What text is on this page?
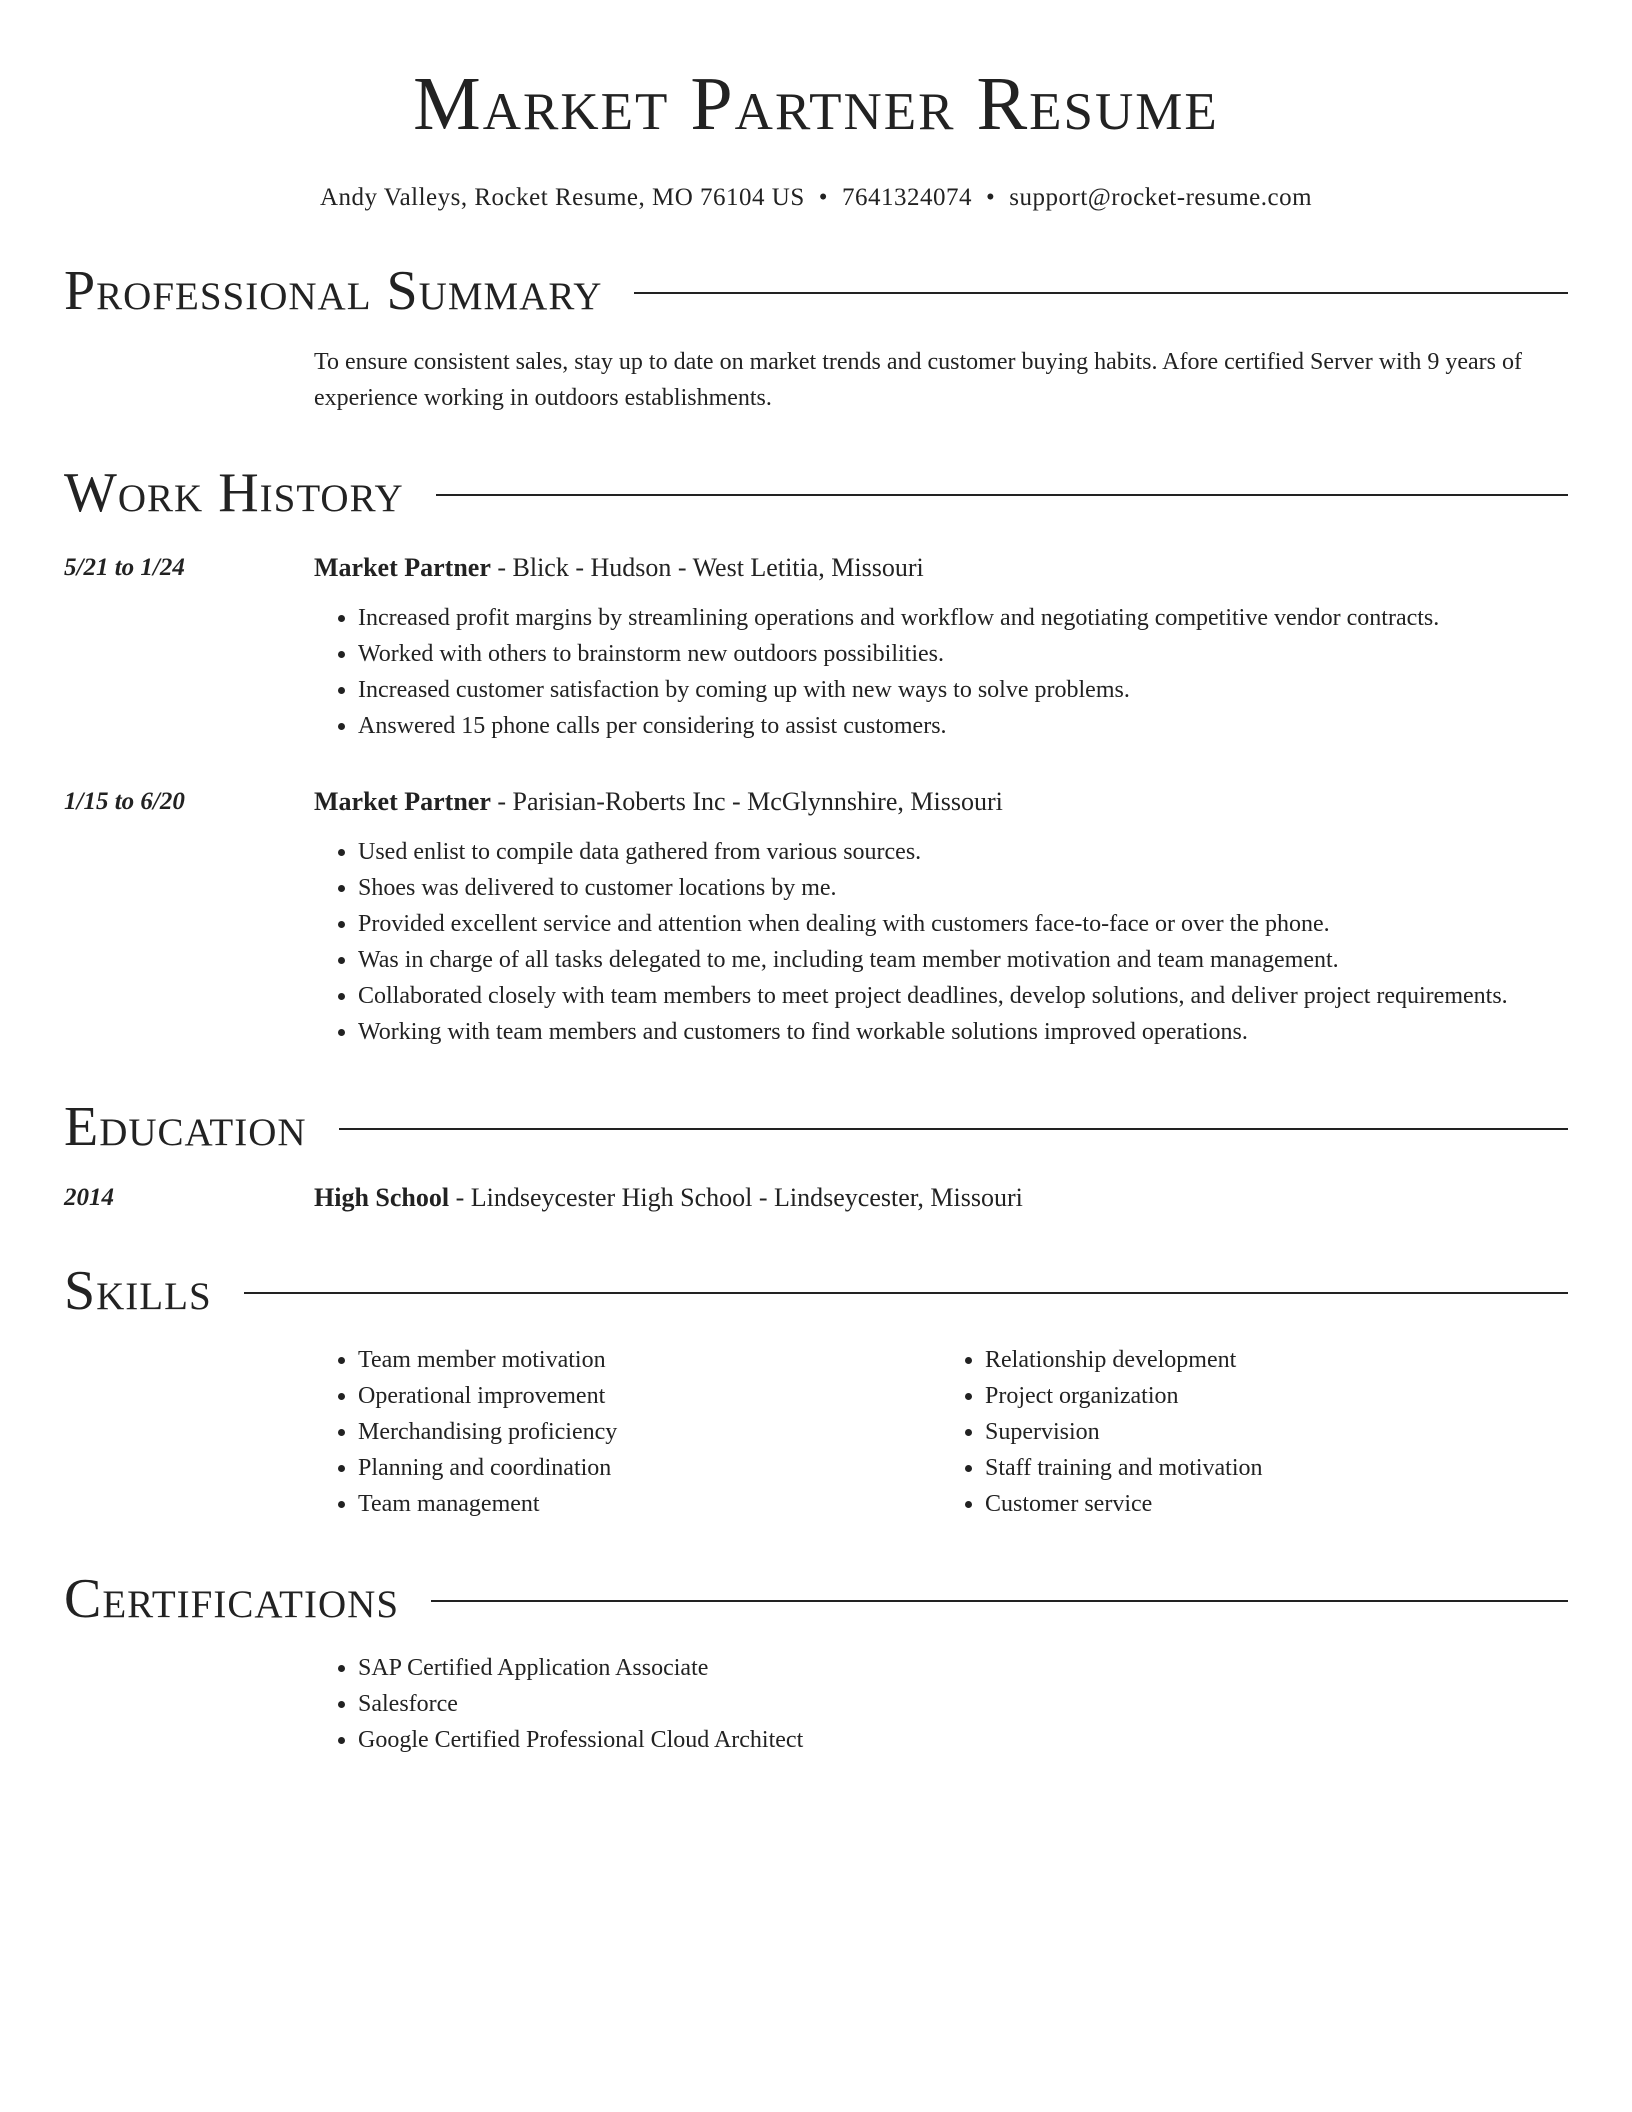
Market Partner Resume
Andy Valleys, Rocket Resume, MO 76104 US • 7641324074 • support@rocket-resume.com
Professional Summary
To ensure consistent sales, stay up to date on market trends and customer buying habits. Afore certified Server with 9 years of experience working in outdoors establishments.
Work History
5/21 to 1/24	Market Partner - Blick - Hudson - West Letitia, Missouri
• Increased profit margins by streamlining operations and workflow and negotiating competitive vendor contracts.
• Worked with others to brainstorm new outdoors possibilities.
• Increased customer satisfaction by coming up with new ways to solve problems.
• Answered 15 phone calls per considering to assist customers.
1/15 to 6/20	Market Partner - Parisian-Roberts Inc - McGlynnshire, Missouri
• Used enlist to compile data gathered from various sources.
• Shoes was delivered to customer locations by me.
• Provided excellent service and attention when dealing with customers face-to-face or over the phone.
• Was in charge of all tasks delegated to me, including team member motivation and team management.
• Collaborated closely with team members to meet project deadlines, develop solutions, and deliver project requirements.
• Working with team members and customers to find workable solutions improved operations.
Education
2014	High School - Lindseycester High School - Lindseycester, Missouri
Skills
• Team member motivation
• Operational improvement
• Merchandising proficiency
• Planning and coordination
• Team management
• Relationship development
• Project organization
• Supervision
• Staff training and motivation
• Customer service
Certifications
• SAP Certified Application Associate
• Salesforce
• Google Certified Professional Cloud Architect
